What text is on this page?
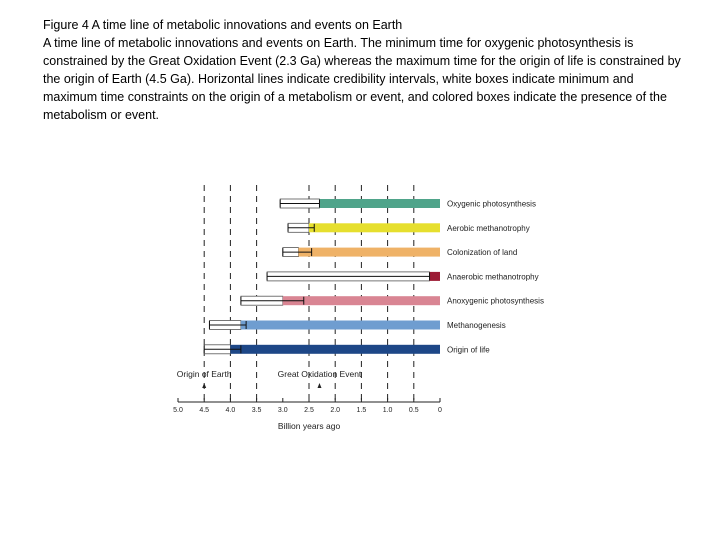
Figure 4 A time line of metabolic innovations and events on Earth

A time line of metabolic innovations and events on Earth. The minimum time for oxygenic photosynthesis is constrained by the Great Oxidation Event (2.3 Ga) whereas the maximum time for the origin of life is constrained by the origin of Earth (4.5 Ga). Horizontal lines indicate credibility intervals, white boxes indicate minimum and maximum time constraints on the origin of a metabolism or event, and colored boxes indicate the presence of the metabolism or event.

Oxygenic photosynthesis
Aerobic methanotrophy
Colonization of land
Anaerobic methanotrophy
Anoxygenic photosynthesis
Methanogenesis
Origin of life
Origin of Earth	Great Oxidation Event
5.0 4.5 4.0 3.5 3.0 2.5 2.0 1.5 1.0 0.5	0
Billion years ago
